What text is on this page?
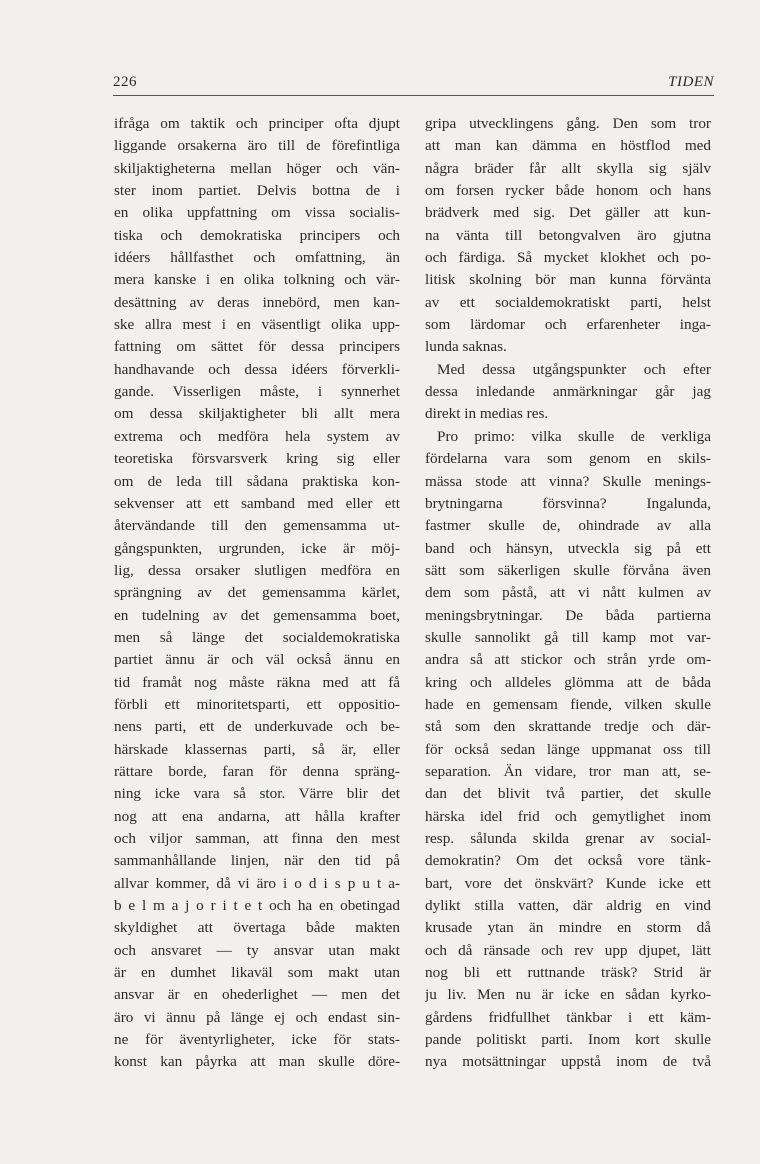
226	TIDEN
ifråga om taktik och principer ofta djupt
liggande orsakerna äro till de förefintliga
skiljaktigheterna mellan höger och vän-
ster inom partiet. Delvis bottna de i
en olika uppfattning om vissa socialis-
tiska och demokratiska principers och
idéers hållfasthet och omfattning, än
mera kanske i en olika tolkning och vär-
desättning av deras innebörd, men kan-
ske allra mest i en väsentligt olika upp-
fattning om sättet för dessa principers
handhavande och dessa idéers förverkli-
gande. Visserligen måste, i synnerhet
om dessa skiljaktigheter bli allt mera
extrema och medföra hela system av
teoretiska försvarsverk kring sig eller
om de leda till sådana praktiska kon-
sekvenser att ett samband med eller ett
återvändande till den gemensamma ut-
gångspunkten, urgrunden, icke är möj-
lig, dessa orsaker slutligen medföra en
sprängning av det gemensamma kärlet,
en tudelning av det gemensamma boet,
men så länge det socialdemokratiska
partiet ännu är och väl också ännu en
tid framåt nog måste räkna med att få
förbli ett minoritetsparti, ett oppositio-
nens parti, ett de underkuvade och be-
härskade klassernas parti, så är, eller
rättare borde, faran för denna spräng-
ning icke vara så stor. Värre blir det
nog att ena andarna, att hålla krafter
och viljor samman, att finna den mest
sammanhållande linjen, när den tid på
allvar kommer, då vi äro i o d i s p u t a-
b e l m a j o r i t e t och ha en obetingad
skyldighet att övertaga både makten
och ansvaret — ty ansvar utan makt
är en dumhet likaväl som makt utan
ansvar är en ohederlighet — men det
äro vi ännu på länge ej och endast sin-
ne för äventyrligheter, icke för stats-
konst kan påyrka att man skulle döre-
gripa utvecklingens gång. Den som tror
att man kan dämma en höstflod med
några bräder får allt skylla sig själv
om forsen rycker både honom och hans
brädverk med sig. Det gäller att kun-
na vänta till betongvalven äro gjutna
och färdiga. Så mycket klokhet och po-
litisk skolning bör man kunna förvänta
av ett socialdemokratiskt parti, helst
som lärdomar och erfarenheter inga-
lunda saknas.
Med dessa utgångspunkter och efter
dessa inledande anmärkningar går jag
direkt in medias res.
Pro primo: vilka skulle de verkliga
fördelarna vara som genom en skils-
mässa stode att vinna? Skulle menings-
brytningarna försvinna? Ingalunda,
fastmer skulle de, ohindrade av alla
band och hänsyn, utveckla sig på ett
sätt som säkerligen skulle förvåna även
dem som påstå, att vi nått kulmen av
meningsbrytningar. De båda partierna
skulle sannolikt gå till kamp mot var-
andra så att stickor och strån yrde om-
kring och alldeles glömma att de båda
hade en gemensam fiende, vilken skulle
stå som den skrattande tredje och där-
för också sedan länge uppmanat oss till
separation. Än vidare, tror man att, se-
dan det blivit två partier, det skulle
härska idel frid och gemytlighet inom
resp. sålunda skilda grenar av social-
demokratin? Om det också vore tänk-
bart, vore det önskvärt? Kunde icke ett
dylikt stilla vatten, där aldrig en vind
krusade ytan än mindre en storm då
och då ränsade och rev upp djupet, lätt
nog bli ett ruttnande träsk? Strid är
ju liv. Men nu är icke en sådan kyrko-
gårdens fridfullhet tänkbar i ett käm-
pande politiskt parti. Inom kort skulle
nya motsättningar uppstå inom de två
